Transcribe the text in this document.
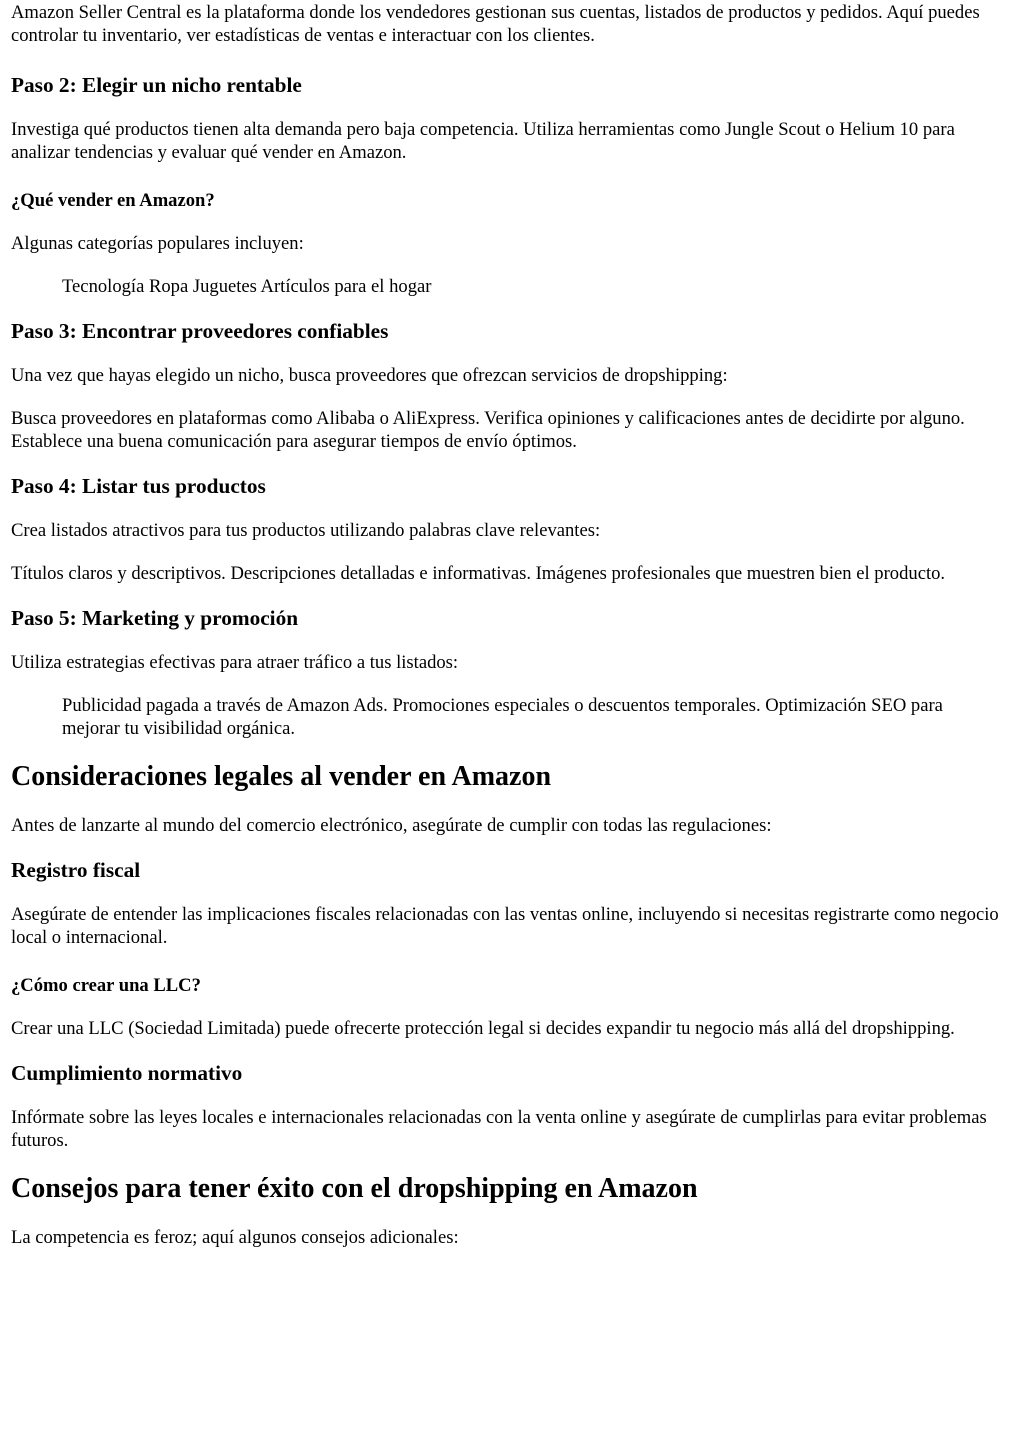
Amazon Seller Central es la plataforma donde los vendedores gestionan sus cuentas, listados de productos y pedidos. Aquí puedes controlar tu inventario, ver estadísticas de ventas e interactuar con los clientes.

Paso 2: Elegir un nicho rentable

Investiga qué productos tienen alta demanda pero baja competencia. Utiliza herramientas como Jungle Scout o Helium 10 para analizar tendencias y evaluar qué vender en Amazon.

¿Qué vender en Amazon?

Algunas categorías populares incluyen:

Tecnología Ropa Juguetes Artículos para el hogar

Paso 3: Encontrar proveedores confiables

Una vez que hayas elegido un nicho, busca proveedores que ofrezcan servicios de dropshipping:

Busca proveedores en plataformas como Alibaba o AliExpress. Verifica opiniones y calificaciones antes de decidirte por alguno. Establece una buena comunicación para asegurar tiempos de envío óptimos.

Paso 4: Listar tus productos

Crea listados atractivos para tus productos utilizando palabras clave relevantes:

Títulos claros y descriptivos. Descripciones detalladas e informativas. Imágenes profesionales que muestren bien el producto.

Paso 5: Marketing y promoción

Utiliza estrategias efectivas para atraer tráfico a tus listados:

Publicidad pagada a través de Amazon Ads. Promociones especiales o descuentos temporales. Optimización SEO para mejorar tu visibilidad orgánica.

Consideraciones legales al vender en Amazon

Antes de lanzarte al mundo del comercio electrónico, asegúrate de cumplir con todas las regulaciones:

Registro fiscal

Asegúrate de entender las implicaciones fiscales relacionadas con las ventas online, incluyendo si necesitas registrarte como negocio local o internacional.

¿Cómo crear una LLC?

Crear una LLC (Sociedad Limitada) puede ofrecerte protección legal si decides expandir tu negocio más allá del dropshipping.

Cumplimiento normativo

Infórmate sobre las leyes locales e internacionales relacionadas con la venta online y asegúrate de cumplirlas para evitar problemas futuros.

Consejos para tener éxito con el dropshipping en Amazon

La competencia es feroz; aquí algunos consejos adicionales:
